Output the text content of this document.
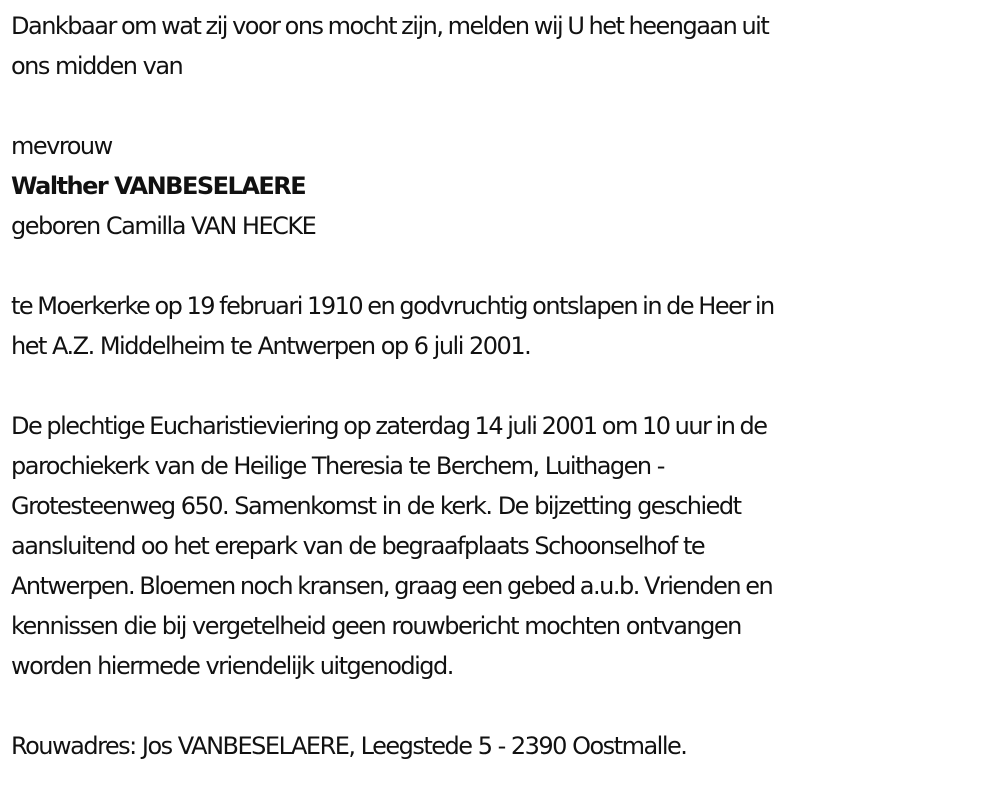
Dankbaar om wat zij voor ons mocht zijn, melden wij U het heengaan uit
ons midden van
mevrouw
Walther VANBESELAERE
geboren Camilla VAN HECKE
te Moerkerke op 19 februari 1910 en godvruchtig ontslapen in de Heer in
het A.Z. Middelheim te Antwerpen op 6 juli 2001.
De plechtige Eucharistieviering op zaterdag 14 juli 2001 om 10 uur in de
parochiekerk van de Heilige Theresia te Berchem, Luithagen -
Grotesteenweg 650. Samenkomst in de kerk. De bijzetting geschiedt
aansluitend oo het erepark van de begraafplaats Schoonselhof te
Antwerpen. Bloemen noch kransen, graag een gebed a.u.b. Vrienden en
kennissen die bij vergetelheid geen rouwbericht mochten ontvangen
worden hiermede vriendelijk uitgenodigd.
Rouwadres: Jos VANBESELAERE, Leegstede 5 - 2390 Oostmalle.
